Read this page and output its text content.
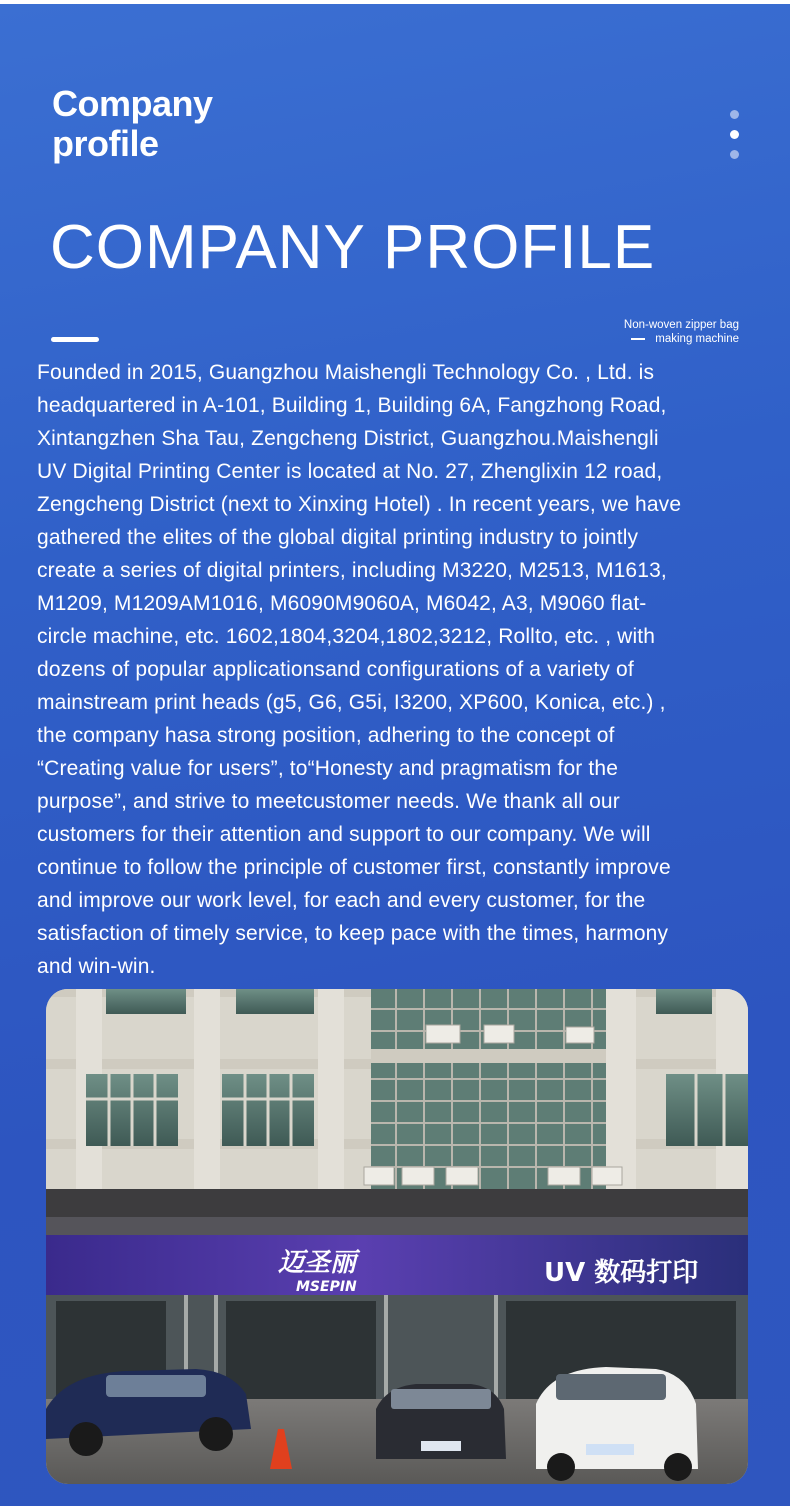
Company
profile
COMPANY PROFILE
Non-woven zipper bag
making machine
Founded in 2015, Guangzhou Maishengli Technology Co. , Ltd. is
headquartered in A-101, Building 1, Building 6A, Fangzhong Road,
Xintangzhen Sha Tau, Zengcheng District, Guangzhou.Maishengli
UV Digital Printing Center is located at No. 27, Zhenglixin 12 road,
Zengcheng District (next to Xinxing Hotel) . In recent years, we have
gathered the elites of the global digital printing industry to jointly
create a series of digital printers, including M3220, M2513, M1613,
M1209, M1209AM1016, M6090M9060A, M6042, A3, M9060 flat-
circle machine, etc. 1602,1804,3204,1802,3212, Rollto, etc. , with
dozens of popular applicationsand configurations of a variety of
mainstream print heads (g5, G6, G5i, I3200, XP600, Konica, etc.) ,
the company hasa strong position, adhering to the concept of
“Creating value for users”, to“Honesty and pragmatism for the
purpose”, and strive to meetcustomer needs. We thank all our
customers for their attention and support to our company. We will
continue to follow the principle of customer first, constantly improve
and improve our work level, for each and every customer, for the
satisfaction of timely service, to keep pace with the times, harmony
and win-win.
迈圣丽
MSEPIN	UV 数码打印
